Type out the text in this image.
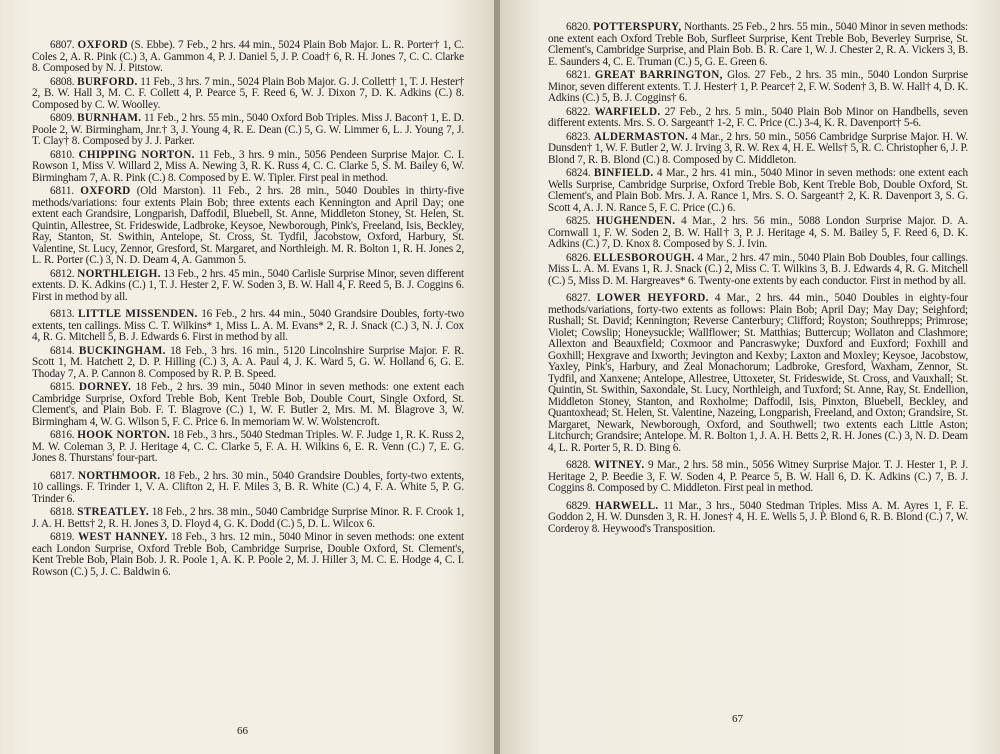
6807. OXFORD (S. Ebbe). 7 Feb., 2 hrs. 44 min., 5024 Plain Bob Major. L. R. Porter† 1, C. Coles 2, A. R. Pink (C.) 3, A. Gammon 4, P. J. Daniel 5, J. P. Coad† 6, R. H. Jones 7, C. C. Clarke 8. Composed by N. J. Pitstow.

6808. BURFORD. 11 Feb., 3 hrs. 7 min., 5024 Plain Bob Major. G. J. Collett† 1, T. J. Hester† 2, B. W. Hall 3, M. C. F. Collett 4, P. Pearce 5, F. Reed 6, W. J. Dixon 7, D. K. Adkins (C.) 8. Composed by C. W. Woolley.

6809. BURNHAM. 11 Feb., 2 hrs. 55 min., 5040 Oxford Bob Triples. Miss J. Bacon† 1, E. D. Poole 2, W. Birmingham, Jnr.† 3, J. Young 4, R. E. Dean (C.) 5, G. W. Limmer 6, L. J. Young 7, J. T. Clay† 8. Composed by J. J. Parker.

6810. CHIPPING NORTON. 11 Feb., 3 hrs. 9 min., 5056 Pendeen Surprise Major. C. I. Rowson 1, Miss V. Willard 2, Miss A. Newing 3, R. K. Russ 4, C. C. Clarke 5, S. M. Bailey 6, W. Birmingham 7, A. R. Pink (C.) 8. Composed by E. W. Tipler. First peal in method.

6811. OXFORD (Old Marston). 11 Feb., 2 hrs. 28 min., 5040 Doubles in thirty-five methods/variations: four extents Plain Bob; three extents each Kennington and April Day; one extent each Grandsire, Longparish, Daffodil, Bluebell, St. Anne, Middleton Stoney, St. Helen, St. Quintin, Allestree, St. Frideswide, Ladbroke, Keysoe, Newborough, Pink's, Freeland, Isis, Beckley, Ray, Stanton, St. Swithin, Antelope, St. Cross, St. Tydfil, Jacobstow, Oxford, Harbury, St. Valentine, St. Lucy, Zennor, Gresford, St. Margaret, and Northleigh. M. R. Bolton 1, R. H. Jones 2, L. R. Porter (C.) 3, N. D. Deam 4, A. Gammon 5.

6812. NORTHLEIGH. 13 Feb., 2 hrs. 45 min., 5040 Carlisle Surprise Minor, seven different extents. D. K. Adkins (C.) 1, T. J. Hester 2, F. W. Soden 3, B. W. Hall 4, F. Reed 5, B. J. Coggins 6. First in method by all.

6813. LITTLE MISSENDEN. 16 Feb., 2 hrs. 44 min., 5040 Grandsire Doubles, forty-two extents, ten callings. Miss C. T. Wilkins* 1, Miss L. A. M. Evans* 2, R. J. Snack (C.) 3, N. J. Cox 4, R. G. Mitchell 5, B. J. Edwards 6. First in method by all.

6814. BUCKINGHAM. 18 Feb., 3 hrs. 16 min., 5120 Lincolnshire Surprise Major. F. R. Scott 1, M. Hatchett 2, D. P. Hilling (C.) 3, A. A. Paul 4, J. K. Ward 5, G. W. Holland 6, G. E. Thoday 7, A. P. Cannon 8. Composed by R. P. B. Speed.

6815. DORNEY. 18 Feb., 2 hrs. 39 min., 5040 Minor in seven methods: one extent each Cambridge Surprise, Oxford Treble Bob, Kent Treble Bob, Double Court, Single Oxford, St. Clement's, and Plain Bob. F. T. Blagrove (C.) 1, W. F. Butler 2, Mrs. M. M. Blagrove 3, W. Birmingham 4, W. G. Wilson 5, F. C. Price 6. In memoriam W. W. Wolstencroft.

6816. HOOK NORTON. 18 Feb., 3 hrs., 5040 Stedman Triples. W. F. Judge 1, R. K. Russ 2, M. W. Coleman 3, P. J. Heritage 4, C. C. Clarke 5, F. A. H. Wilkins 6, E. R. Venn (C.) 7, E. G. Jones 8. Thurstans' four-part.

6817. NORTHMOOR. 18 Feb., 2 hrs. 30 min., 5040 Grandsire Doubles, forty-two extents, 10 callings. F. Trinder 1, V. A. Clifton 2, H. F. Miles 3, B. R. White (C.) 4, F. A. White 5, P. G. Trinder 6.

6818. STREATLEY. 18 Feb., 2 hrs. 38 min., 5040 Cambridge Surprise Minor. R. F. Crook 1, J. A. H. Betts† 2, R. H. Jones 3, D. Floyd 4, G. K. Dodd (C.) 5, D. L. Wilcox 6.

6819. WEST HANNEY. 18 Feb., 3 hrs. 12 min., 5040 Minor in seven methods: one extent each London Surprise, Oxford Treble Bob, Cambridge Surprise, Double Oxford, St. Clement's, Kent Treble Bob, Plain Bob. J. R. Poole 1, A. K. P. Poole 2, M. J. Hiller 3, M. C. E. Hodge 4, C. I. Rowson (C.) 5, J. C. Baldwin 6.

66

6820. POTTERSPURY, Northants. 25 Feb., 2 hrs. 55 min., 5040 Minor in seven methods: one extent each Oxford Treble Bob, Surfleet Surprise, Kent Treble Bob, Beverley Surprise, St. Clement's, Cambridge Surprise, and Plain Bob. B. R. Care 1, W. J. Chester 2, R. A. Vickers 3, B. E. Saunders 4, C. E. Truman (C.) 5, G. E. Green 6.

6821. GREAT BARRINGTON, Glos. 27 Feb., 2 hrs. 35 min., 5040 London Surprise Minor, seven different extents. T. J. Hester† 1, P. Pearce† 2, F. W. Soden† 3, B. W. Hall† 4, D. K. Adkins (C.) 5, B. J. Coggins† 6.

6822. WARFIELD. 27 Feb., 2 hrs. 5 min., 5040 Plain Bob Minor on Handbells, seven different extents. Mrs. S. O. Sargeant† 1-2, F. C. Price (C.) 3-4, K. R. Davenport† 5-6.

6823. ALDERMASTON. 4 Mar., 2 hrs. 50 min., 5056 Cambridge Surprise Major. H. W. Dunsden† 1, W. F. Butler 2, W. J. Irving 3, R. W. Rex 4, H. E. Wells† 5, R. C. Christopher 6, J. P. Blond 7, R. B. Blond (C.) 8. Composed by C. Middleton.

6824. BINFIELD. 4 Mar., 2 hrs. 41 min., 5040 Minor in seven methods: one extent each Wells Surprise, Cambridge Surprise, Oxford Treble Bob, Kent Treble Bob, Double Oxford, St. Clement's, and Plain Bob. Mrs. J. A. Rance 1, Mrs. S. O. Sargeant† 2, K. R. Davenport 3, S. G. Scott 4, A. J. N. Rance 5, F. C. Price (C.) 6.

6825. HUGHENDEN. 4 Mar., 2 hrs. 56 min., 5088 London Surprise Major. D. A. Cornwall 1, F. W. Soden 2, B. W. Hall† 3, P. J. Heritage 4, S. M. Bailey 5, F. Reed 6, D. K. Adkins (C.) 7, D. Knox 8. Composed by S. J. Ivin.

6826. ELLESBOROUGH. 4 Mar., 2 hrs. 47 min., 5040 Plain Bob Doubles, four callings. Miss L. A. M. Evans 1, R. J. Snack (C.) 2, Miss C. T. Wilkins 3, B. J. Edwards 4, R. G. Mitchell (C.) 5, Miss D. M. Hargreaves* 6. Twenty-one extents by each conductor. First in method by all.

6827. LOWER HEYFORD. 4 Mar., 2 hrs. 44 min., 5040 Doubles in eighty-four methods/variations, forty-two extents as follows: Plain Bob; April Day; May Day; Seighford; Rushall; St. David; Kennington; Reverse Canterbury; Clifford; Royston; Southrepps; Primrose; Violet; Cowslip; Honeysuckle; Wallflower; St. Matthias; Buttercup; Wollaton and Clashmore; Allexton and Beauxfield; Coxmoor and Pancraswyke; Duxford and Euxford; Foxhill and Goxhill; Hexgrave and Ixworth; Jevington and Kexby; Laxton and Moxley; Keysoe, Jacobstow, Yaxley, Pink's, Harbury, and Zeal Monachorum; Ladbroke, Gresford, Waxham, Zennor, St. Tydfil, and Xanxene; Antelope, Allestree, Uttoxeter, St. Frideswide, St. Cross, and Vauxhall; St. Quintin, St. Swithin, Saxondale, St. Lucy, Northleigh, and Tuxford; St. Anne, Ray, St. Endellion, Middleton Stoney, Stanton, and Roxholme; Daffodil, Isis, Pinxton, Bluebell, Beckley, and Quantoxhead; St. Helen, St. Valentine, Nazeing, Longparish, Freeland, and Oxton; Grandsire, St. Margaret, Newark, Newborough, Oxford, and Southwell; two extents each Little Aston; Litchurch; Grandsire; Antelope. M. R. Bolton 1, J. A. H. Betts 2, R. H. Jones (C.) 3, N. D. Deam 4, L. R. Porter 5, R. D. Bing 6.

6828. WITNEY. 9 Mar., 2 hrs. 58 min., 5056 Witney Surprise Major. T. J. Hester 1, P. J. Heritage 2, P. Beedie 3, F. W. Soden 4, P. Pearce 5, B. W. Hall 6, D. K. Adkins (C.) 7, B. J. Coggins 8. Composed by C. Middleton. First peal in method.

6829. HARWELL. 11 Mar., 3 hrs., 5040 Stedman Triples. Miss A. M. Ayres 1, F. E. Goddon 2, H. W. Dunsden 3, R. H. Jones† 4, H. E. Wells 5, J. P. Blond 6, R. B. Blond (C.) 7, W. Corderoy 8. Heywood's Transposition.

67
